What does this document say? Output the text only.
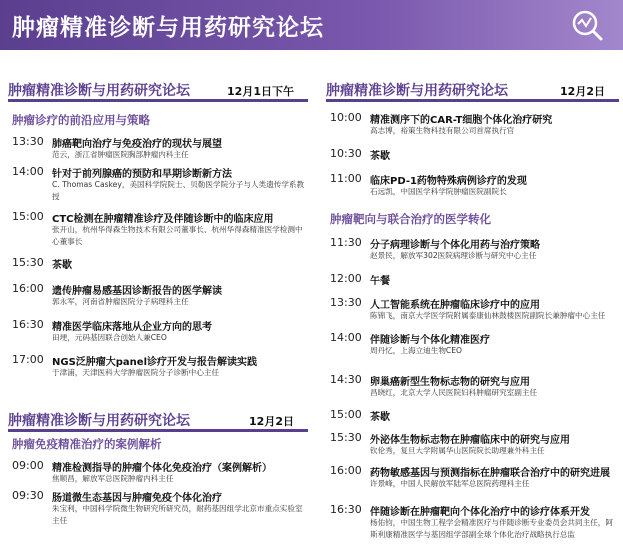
肿瘤精准诊断与用药研究论坛
肿瘤精准诊断与用药研究论坛	12月1日下午
肿瘤诊疗的前沿应用与策略
13:30 肺癌靶向治疗与免疫治疗的现状与展望
范云，浙江省肿瘤医院胸部肿瘤内科主任
14:00 针对于前列腺癌的预防和早期诊断新方法
C. Thomas Caskey，美国科学院院士、贝勒医学院分子与人类遗传学系教授
15:00 CTC检测在肿瘤精准诊疗及伴随诊断中的临床应用
张开山，杭州华得森生物技术有限公司董事长、杭州华得森精准医学检测中心董事长
15:30 茶歇
16:00 遗传肿瘤易感基因诊断报告的医学解读
郭永军，河南省肿瘤医院分子病理科主任
16:30 精准医学临床落地从企业方向的思考
田埂，元码基因联合创始人兼CEO
17:00 NGS泛肿瘤大panel诊疗开发与报告解读实践
于津浦，天津医科大学肿瘤医院分子诊断中心主任
肿瘤精准诊断与用药研究论坛	12月2日
肿瘤免疫精准治疗的案例解析
09:00 精准检测指导的肿瘤个体化免疫治疗（案例解析）
焦顺昌，解放军总医院肿瘤内科主任
09:30 肠道微生态基因与肿瘤免疫个体化治疗
朱宝利，中国科学院微生物研究所研究员，耐药基因组学北京市重点实验室主任
肿瘤精准诊断与用药研究论坛	12月2日
10:00 精准测序下的CAR-T细胞个体化治疗研究
高志博，裕策生物科技有限公司首席执行官
10:30 茶歇
11:00 临床PD-1药物特殊病例诊疗的发现
石远凯，中国医学科学院肿瘤医院副院长
肿瘤靶向与联合治疗的医学转化
11:30 分子病理诊断与个体化用药与治疗策略
赵景民，解放军302医院病理诊断与研究中心主任
12:00 午餐
13:30 人工智能系统在肿瘤临床诊疗中的应用
陈锦飞，南京大学医学院附属泰康仙林鼓楼医院副院长兼肿瘤中心主任
14:00 伴随诊断与个体化精准医疗
周丹忆，上海立迪生物CEO
14:30 卵巢癌新型生物标志物的研究与应用
昌晓红，北京大学人民医院妇科肿瘤研究室副主任
15:00 茶歇
15:30 外泌体生物标志物在肿瘤临床中的研究与应用
钦伦秀，复旦大学附属华山医院院长助理兼外科主任
16:00 药物敏感基因与预测指标在肿瘤联合治疗中的研究进展
许景峰，中国人民解放军陆军总医院药理科主任
16:30 伴随诊断在肿瘤靶向个体化治疗中的诊疗体系开发
杨佑钧，中国生物工程学会精准医疗与伴随诊断专业委员会共同主任，阿斯利康精准医学与基因组学部副全球个体化治疗战略执行总监
